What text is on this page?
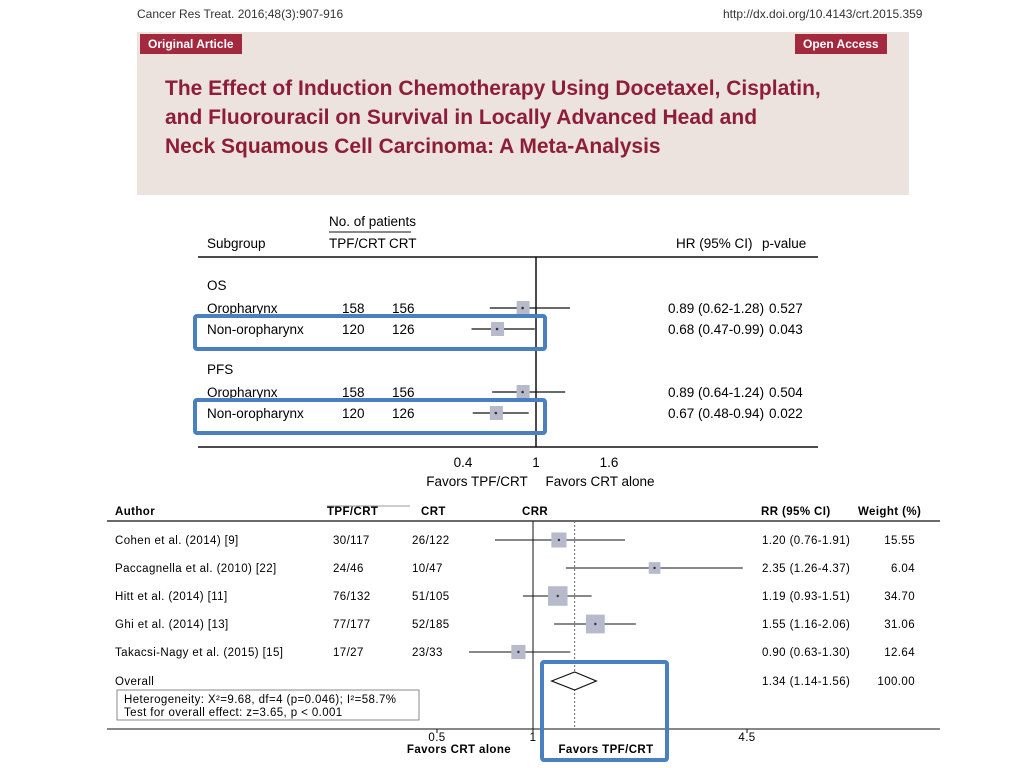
Cancer Res Treat. 2016;48(3):907-916	http://dx.doi.org/10.4143/crt.2015.359
Original Article	Open Access
The Effect of Induction Chemotherapy Using Docetaxel, Cisplatin,
and Fluorouracil on Survival in Locally Advanced Head and
Neck Squamous Cell Carcinoma: A Meta-Analysis
No. of patients
Subgroup	TPF/CRT CRT	HR (95% CI) p-value
OS
Oropharynx	158 156	0.89 (0.62-1.28) 0.527
Non-oropharynx	120 126	0.68 (0.47-0.99) 0.043
PFS
Oropharynx	158 156	0.89 (0.64-1.24) 0.504
Non-oropharynx	120 126	0.67 (0.48-0.94) 0.022
0.4	1	1.6
Favors TPF/CRT Favors CRT alone
Author	TPF/CRT	CRT	CRR	RR (95% CI) Weight (%)
Cohen et al. (2014) [9]	30/117	26/122	1.20 (0.76-1.91)	15.55
Paccagnella et al. (2010) [22]	24/46	10/47	2.35 (1.26-4.37)	6.04
Hitt et al. (2014) [11]	76/132	51/105	1.19 (0.93-1.51)	34.70
Ghi et al. (2014) [13]	77/177	52/185	1.55 (1.16-2.06)	31.06
Takacsi-Nagy et al. (2015) [15]	17/27	23/33	0.90 (0.63-1.30)	12.64
Overall	1.34 (1.14-1.56) 100.00
Heterogeneity: X²=9.68, df=4 (p=0.046); I²=58.7%
Test for overall effect: z=3.65, p < 0.001
0.5	1	4.5
Favors CRT alone	Favors TPF/CRT
